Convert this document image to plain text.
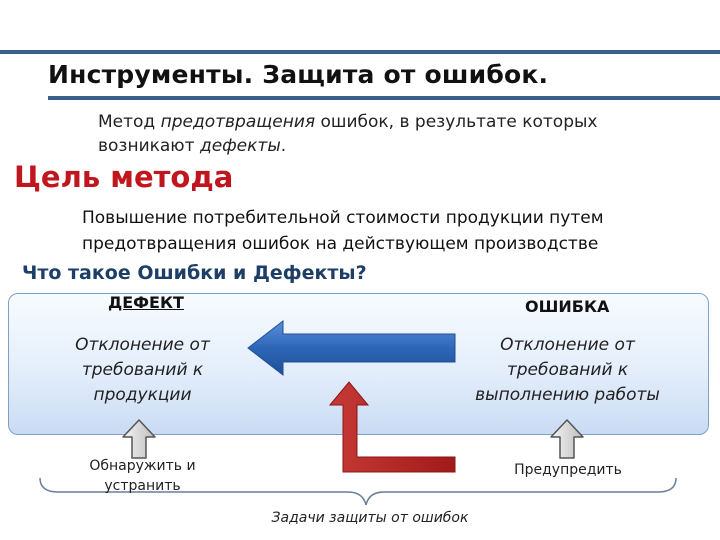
Инструменты. Защита от ошибок.
Метод предотвращения ошибок, в результате которых возникают дефекты.
Цель метода
Повышение потребительной стоимости продукции путем предотвращения ошибок на действующем производстве
Что такое Ошибки и Дефекты?
ДЕФЕКТ	ОШИБКА
Отклонение от требований к продукции
Отклонение от требований к выполнению работы
Обнаружить и устранить
Предупредить
Задачи защиты от ошибок
